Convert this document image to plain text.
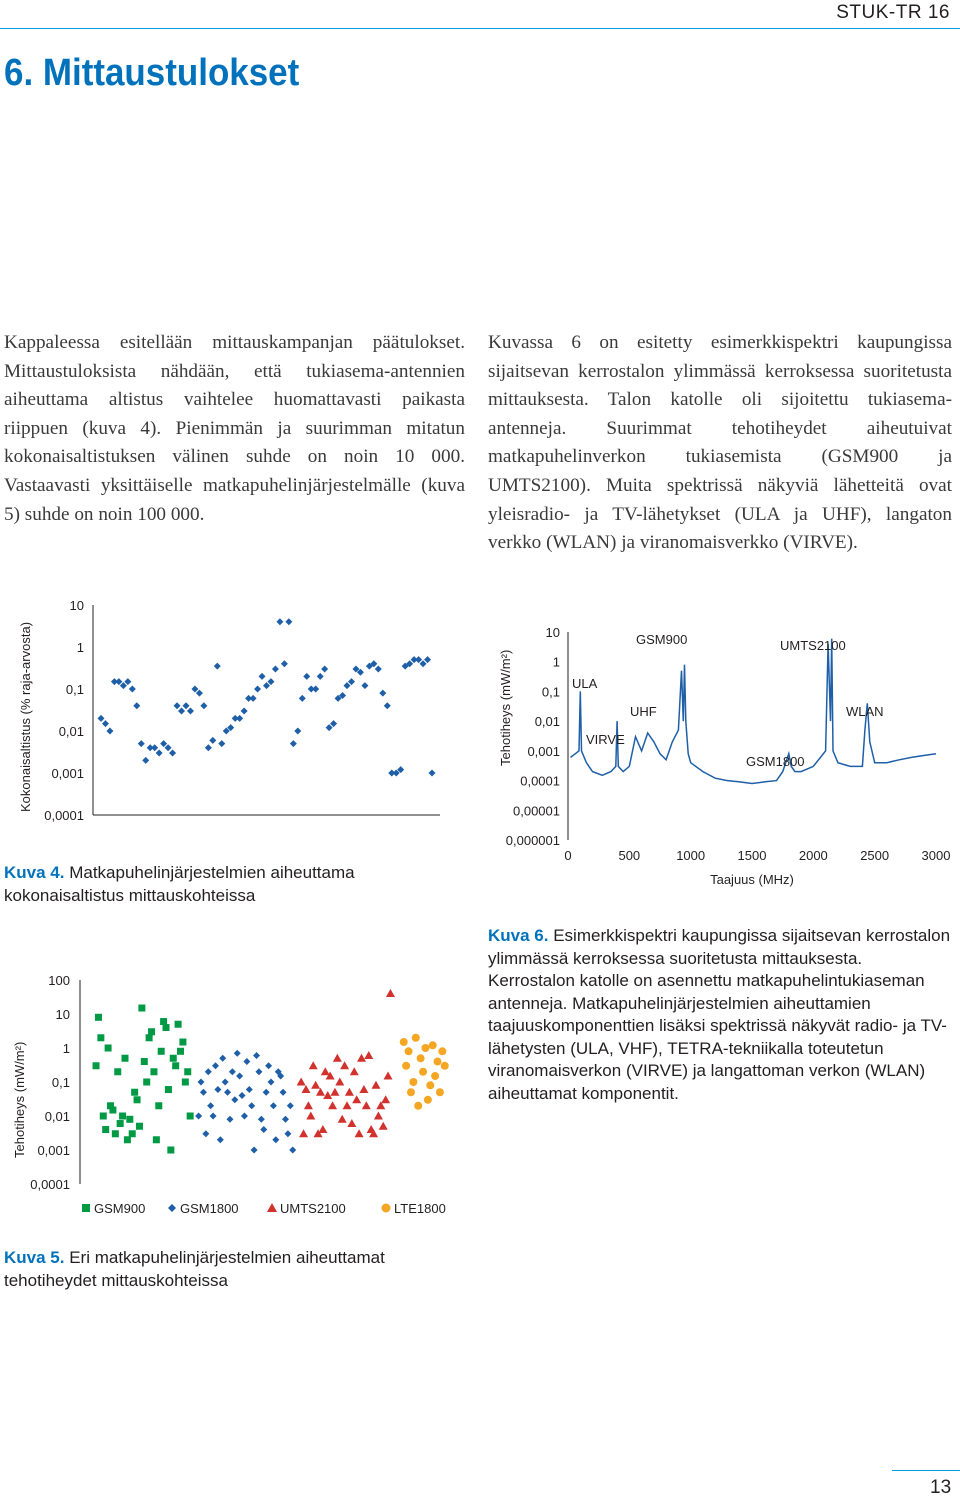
STUK-TR 16
6. Mittaustulokset

Kappaleessa esitellään mittauskampanjan päätulokset. Mittaustuloksista nähdään, että tukiasema-antennien aiheuttama altistus vaihtelee huomattavasti paikasta riippuen (kuva 4). Pienimmän ja suurimman mitatun kokonaisaltistuksen välinen suhde on noin 10 000. Vastaavasti yksittäiselle matkapuhelinjärjestelmälle (kuva 5) suhde on noin 100 000.

Kuvassa 6 on esitetty esimerkkispektri kaupungissa sijaitsevan kerrostalon ylimmässä kerroksessa suoritetusta mittauksesta. Talon katolle oli sijoitettu tukiasema-antenneja. Suurimmat tehotiheydet aiheutuivat matkapuhelinverkon tukiasemista (GSM900 ja UMTS2100). Muita spektrissä näkyviä lähetteitä ovat yleisradio- ja TV-lähetykset (ULA ja UHF), langaton verkko (WLAN) ja viranomaisverkko (VIRVE).

10
1
0,1
0,01
0,001
0,0001
Kokonaisaltistus (% raja-arvosta)
100
10
1
0,1
0,01
0,001
0,0001
Tehotiheys (mW/m²)
GSM900	GSM1800	UMTS2100	LTE1800
10
1
0,1
0,01
0,001
0,0001
0,00001
0,000001
Tehotiheys (mW/m²)
0	500	1000 1500 2000 2500 3000
Taajuus (MHz)
GSM900	UMTS2100
ULA
UHF	WLAN
VIRVE
GSM1800

Kuva 4. Matkapuhelinjärjestelmien aiheuttama kokonaisaltistus mittauskohteissa

Kuva 5. Eri matkapuhelinjärjestelmien aiheuttamat tehotiheydet mittauskohteissa

Kuva 6. Esimerkkispektri kaupungissa sijaitsevan kerrostalon ylimmässä kerroksessa suoritetusta mittauksesta. Kerrostalon katolle on asennettu matkapuhelintukiaseman antenneja. Matkapuhelinjärjestelmien aiheuttamien taajuuskomponenttien lisäksi spektrissä näkyvät radio- ja TV-lähetysten (ULA, VHF), TETRA-tekniikalla toteutetun viranomaisverkon (VIRVE) ja langattoman verkon (WLAN) aiheuttamat komponentit.

13
